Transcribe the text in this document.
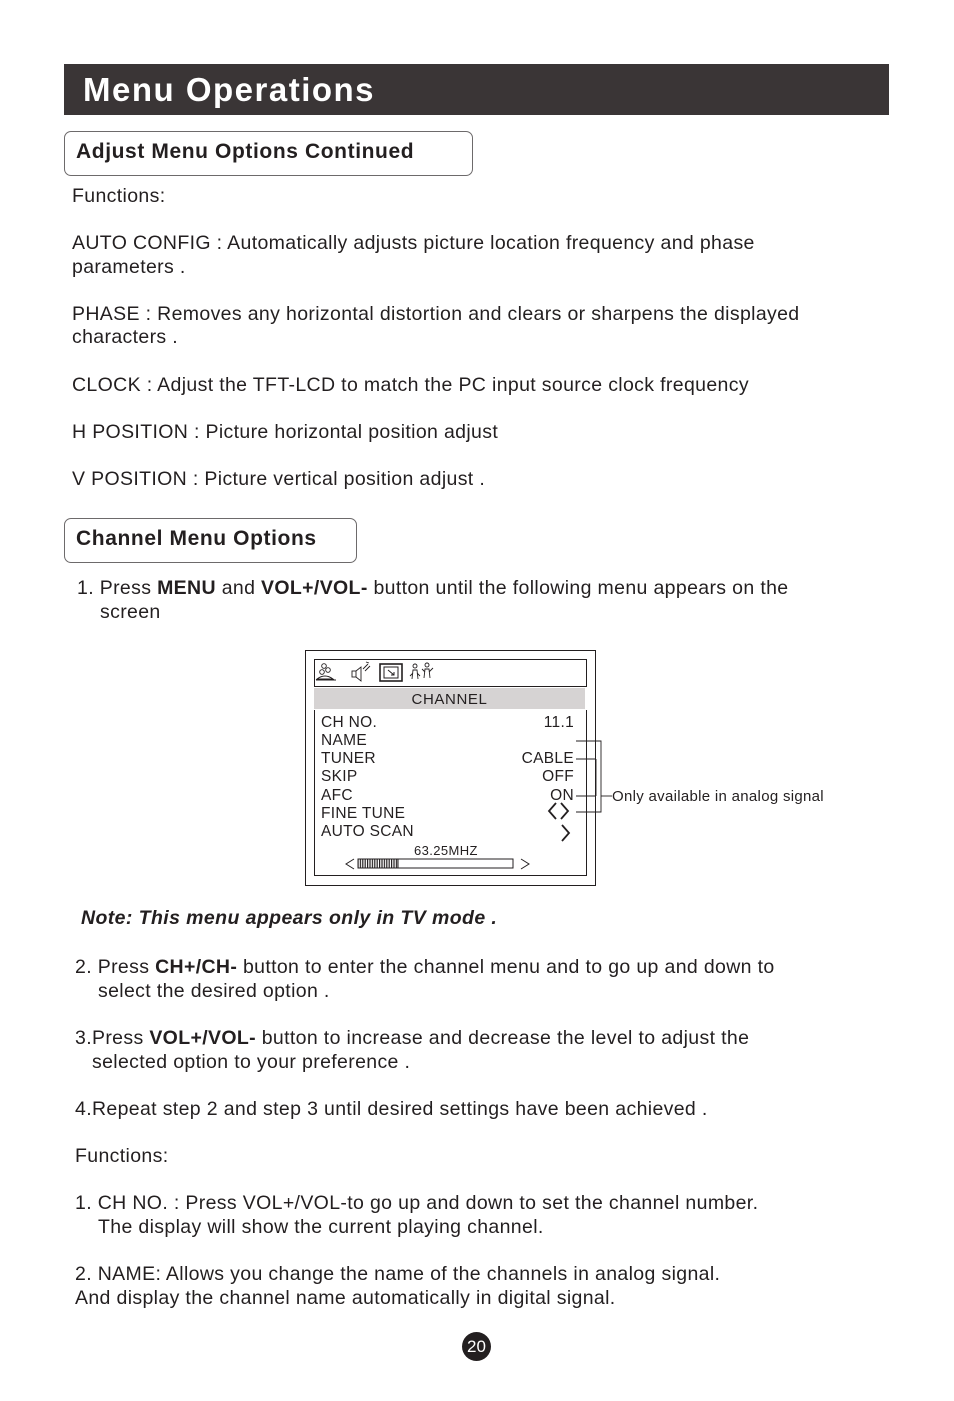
Menu Operations
Adjust Menu Options Continued
Functions:
AUTO CONFIG : Automatically adjusts picture location frequency and phase
parameters .
PHASE : Removes any horizontal distortion and clears or sharpens the displayed
characters .
CLOCK : Adjust the TFT-LCD to match the PC input source clock frequency
H POSITION : Picture horizontal position adjust
V POSITION : Picture vertical position adjust .
Channel Menu Options
1. Press MENU and VOL+/VOL- button until the following menu appears on the
screen
CHANNEL
CH NO.	11.1
NAME
TUNER	CABLE
SKIP	OFF
AFC	ON
FINE TUNE
AUTO SCAN
63.25MHZ
Only available in analog signal
Note: This menu appears only in TV mode .
2. Press CH+/CH- button to enter the channel menu and to go up and down to
select the desired option .
3.Press VOL+/VOL- button to increase and decrease the level to adjust the
selected option to your preference .
4.Repeat step 2 and step 3 until desired settings have been achieved .
Functions:
1. CH NO. : Press VOL+/VOL-to go up and down to set the channel number.
The display will show the current playing channel.
2. NAME: Allows you change the name of the channels in analog signal.
And display the channel name automatically in digital signal.
20
